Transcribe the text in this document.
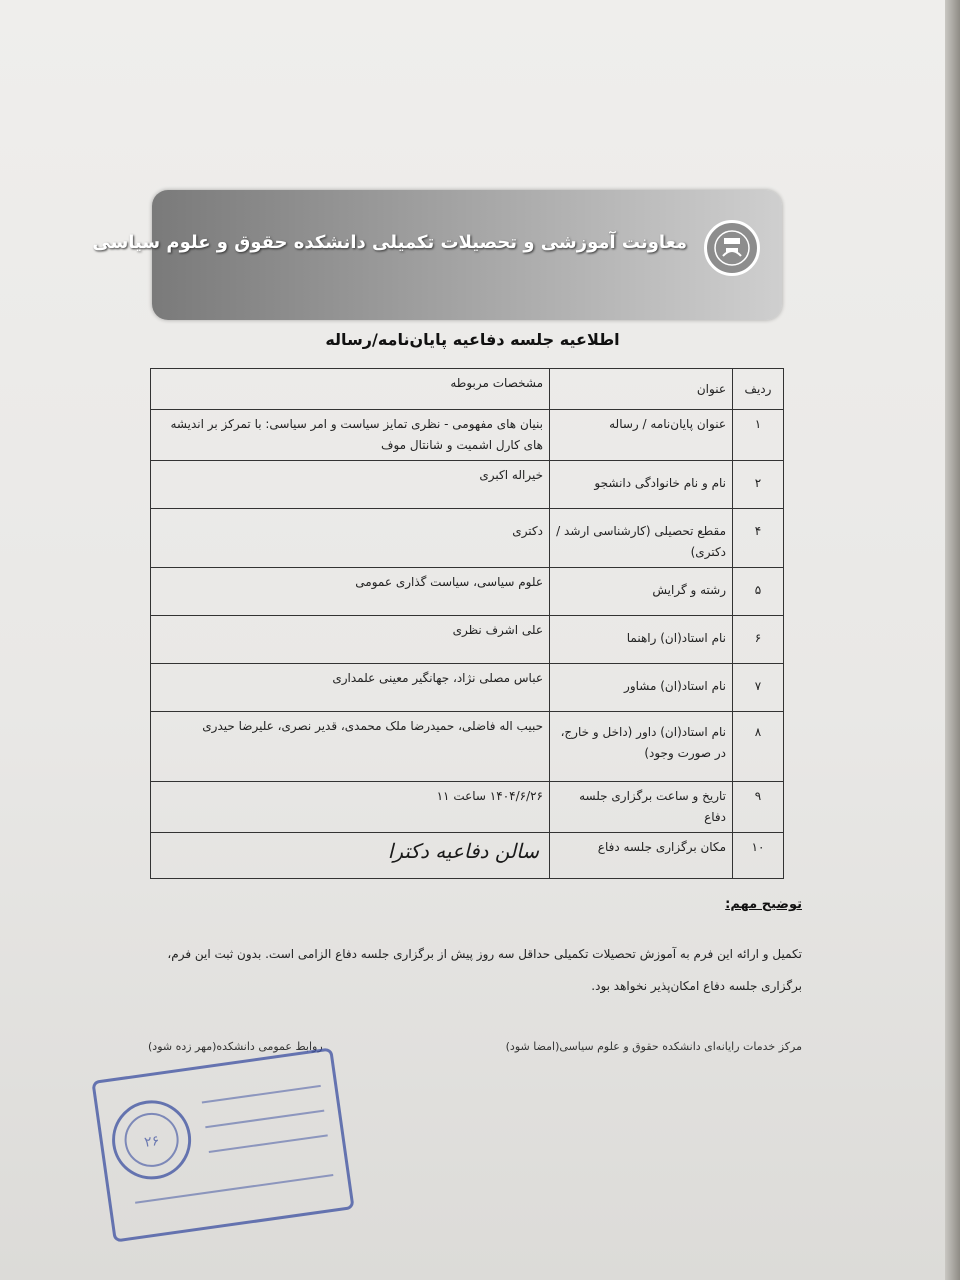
معاونت آموزشی و تحصیلات تکمیلی دانشکده حقوق و علوم سیاسی
اطلاعیه جلسه دفاعیه پایان‌نامه/رساله
ردیف	عنوان	مشخصات مربوطه
۱	عنوان پایان‌نامه / رساله	بنیان های مفهومی - نظری تمایز سیاست و امر سیاسی: با تمرکز بر اندیشه های کارل اشمیت و شانتال موف
۲	نام و نام خانوادگی دانشجو	خیراله اکبری
۴	مقطع تحصیلی (کارشناسی ارشد / دکتری)	دکتری
۵	رشته و گرایش	علوم سیاسی، سیاست گذاری عمومی
۶	نام استاد(ان) راهنما	علی اشرف نظری
۷	نام استاد(ان) مشاور	عباس مصلی نژاد، جهانگیر معینی علمداری
۸	نام استاد(ان) داور (داخل و خارج، در صورت وجود)	حبیب اله فاضلی، حمیدرضا ملک محمدی، قدیر نصری، علیرضا حیدری
۹	تاریخ و ساعت برگزاری جلسه دفاع	۱۴۰۴/۶/۲۶ ساعت ۱۱
۱۰	مکان برگزاری جلسه دفاع	سالن دفاعیه دکترا
توضیح مهم:
تکمیل و ارائه این فرم به آموزش تحصیلات تکمیلی حداقل سه روز پیش از برگزاری جلسه دفاع الزامی است. بدون ثبت این فرم، برگزاری جلسه دفاع امکان‌پذیر نخواهد بود.
مرکز خدمات رایانه‌ای دانشکده حقوق و علوم سیاسی(امضا شود)
روابط عمومی دانشکده(مهر زده شود)
۲۶
